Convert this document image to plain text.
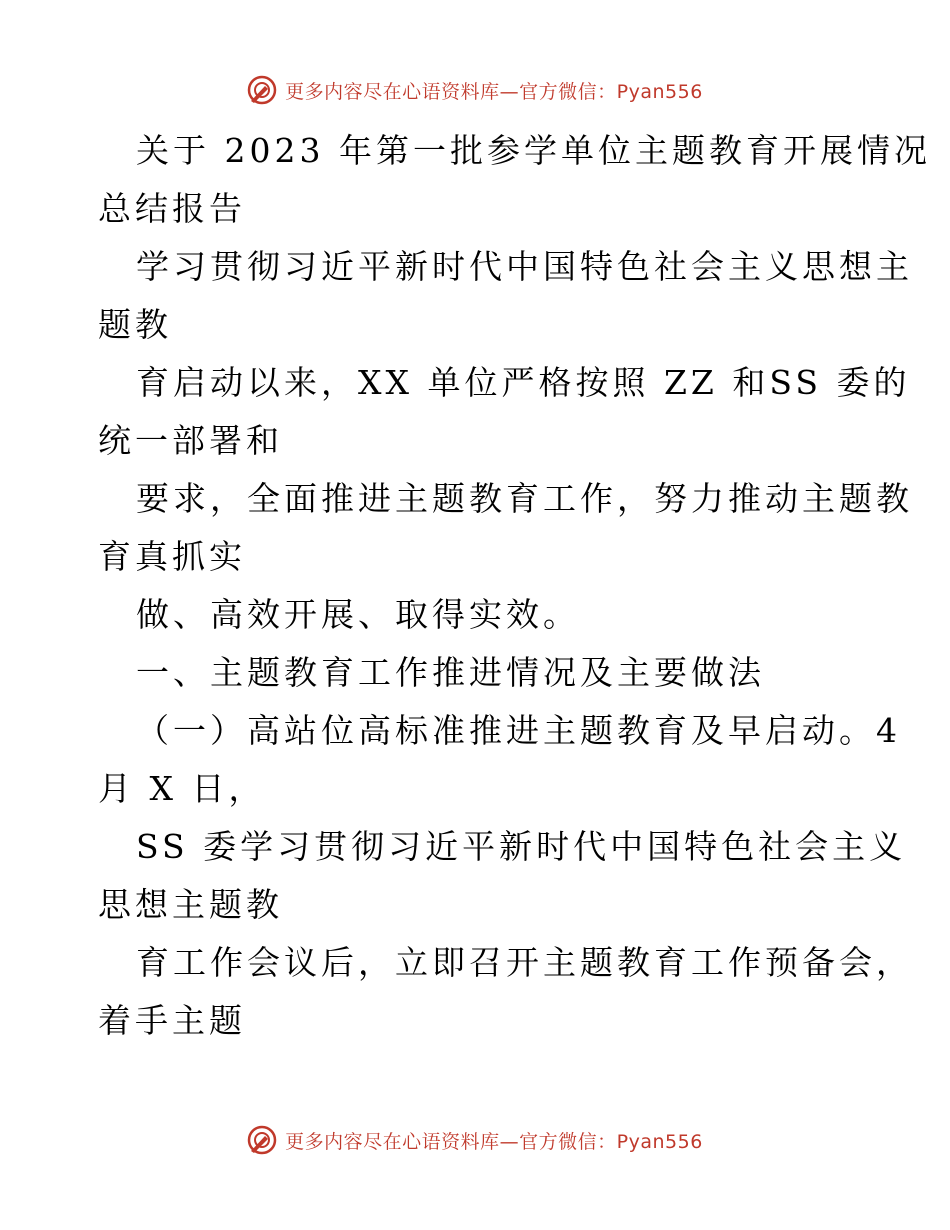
更多内容尽在心语资料库—官方微信：Pyan556
关于 2023 年第一批参学单位主题教育开展情况
总结报告
学习贯彻习近平新时代中国特色社会主义思想主
题教
育启动以来，XX 单位严格按照 ZZ 和SS 委的
统一部署和
要求，全面推进主题教育工作，努力推动主题教
育真抓实
做、高效开展、取得实效。
一、主题教育工作推进情况及主要做法
（一）高站位高标准推进主题教育及早启动。4
月 X 日，
SS 委学习贯彻习近平新时代中国特色社会主义
思想主题教
育工作会议后，立即召开主题教育工作预备会，
着手主题
更多内容尽在心语资料库—官方微信：Pyan556
